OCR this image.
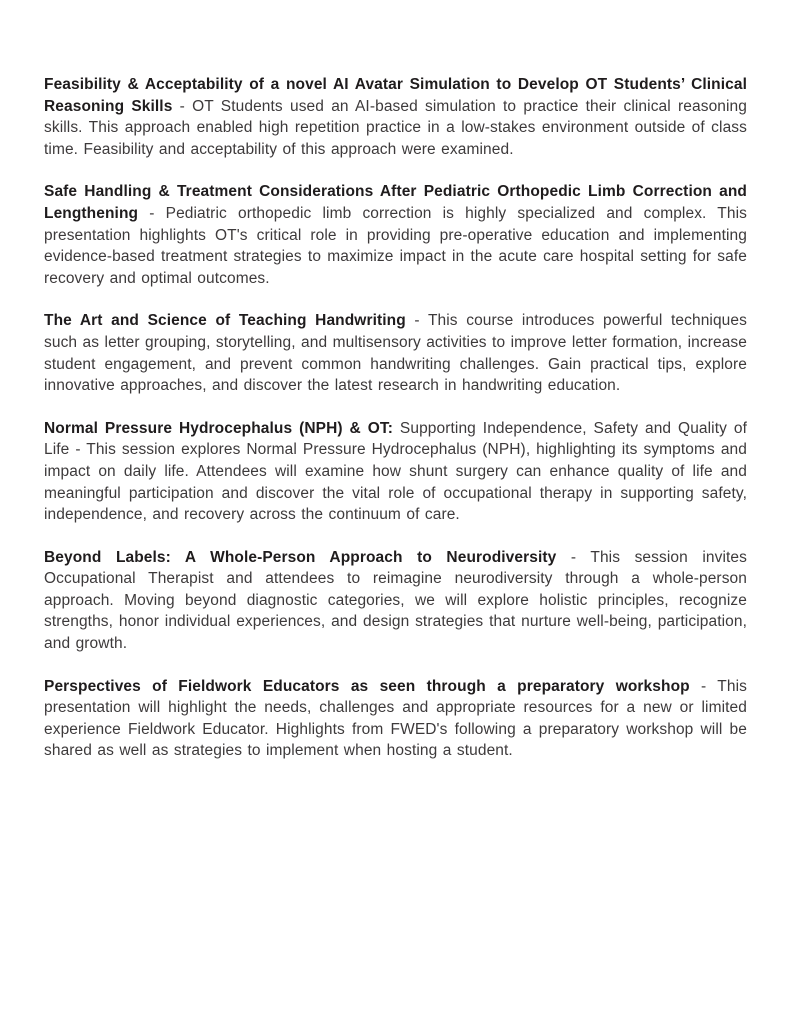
Feasibility & Acceptability of a novel AI Avatar Simulation to Develop OT Students’ Clinical Reasoning Skills - OT Students used an AI-based simulation to practice their clinical reasoning skills. This approach enabled high repetition practice in a low-stakes environment outside of class time. Feasibility and acceptability of this approach were examined.

Safe Handling & Treatment Considerations After Pediatric Orthopedic Limb Correction and Lengthening - Pediatric orthopedic limb correction is highly specialized and complex. This presentation highlights OT's critical role in providing pre-operative education and implementing evidence-based treatment strategies to maximize impact in the acute care hospital setting for safe recovery and optimal outcomes.

The Art and Science of Teaching Handwriting - This course introduces powerful techniques such as letter grouping, storytelling, and multisensory activities to improve letter formation, increase student engagement, and prevent common handwriting challenges. Gain practical tips, explore innovative approaches, and discover the latest research in handwriting education.

Normal Pressure Hydrocephalus (NPH) & OT: Supporting Independence, Safety and Quality of Life - This session explores Normal Pressure Hydrocephalus (NPH), highlighting its symptoms and impact on daily life. Attendees will examine how shunt surgery can enhance quality of life and meaningful participation and discover the vital role of occupational therapy in supporting safety, independence, and recovery across the continuum of care.

Beyond Labels: A Whole-Person Approach to Neurodiversity - This session invites Occupational Therapist and attendees to reimagine neurodiversity through a whole-person approach. Moving beyond diagnostic categories, we will explore holistic principles, recognize strengths, honor individual experiences, and design strategies that nurture well-being, participation, and growth.

Perspectives of Fieldwork Educators as seen through a preparatory workshop - This presentation will highlight the needs, challenges and appropriate resources for a new or limited experience Fieldwork Educator. Highlights from FWED's following a preparatory workshop will be shared as well as strategies to implement when hosting a student.
